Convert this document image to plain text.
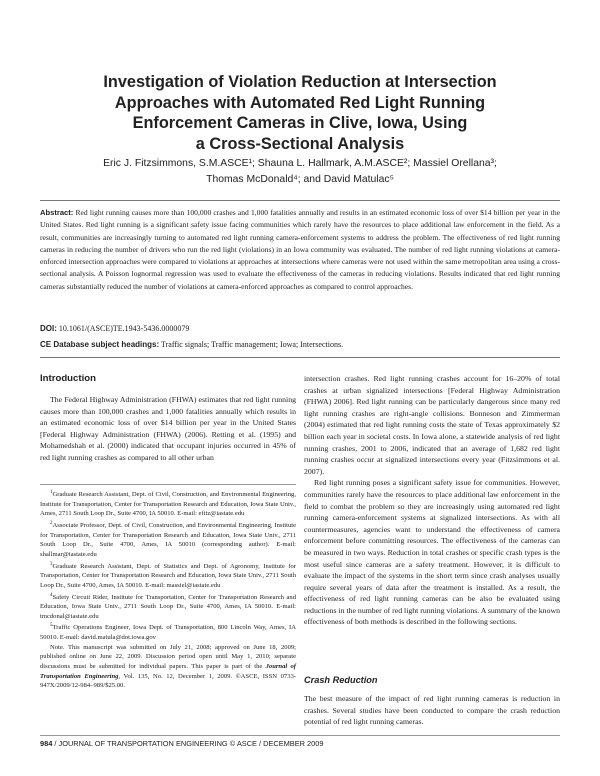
Investigation of Violation Reduction at Intersection
Approaches with Automated Red Light Running
Enforcement Cameras in Clive, Iowa, Using
a Cross-Sectional Analysis
Eric J. Fitzsimmons, S.M.ASCE¹; Shauna L. Hallmark, A.M.ASCE²; Massiel Orellana³;
Thomas McDonald⁴; and David Matulac⁵
Abstract: Red light running causes more than 100,000 crashes and 1,000 fatalities annually and results in an estimated economic loss of over $14 billion per year in the United States. Red light running is a significant safety issue facing communities which rarely have the resources to place additional law enforcement in the field. As a result, communities are increasingly turning to automated red light running camera-enforcement systems to address the problem. The effectiveness of red light running cameras in reducing the number of drivers who run the red light (violations) in an Iowa community was evaluated. The number of red light running violations at camera-enforced intersection approaches were compared to violations at approaches at intersections where cameras were not used within the same metropolitan area using a cross-sectional analysis. A Poisson lognormal regression was used to evaluate the effectiveness of the cameras in reducing violations. Results indicated that red light running cameras substantially reduced the number of violations at camera-enforced approaches as compared to control approaches.
DOI: 10.1061/(ASCE)TE.1943-5436.0000079
CE Database subject headings: Traffic signals; Traffic management; Iowa; Intersections.
Introduction

The Federal Highway Administration (FHWA) estimates that red light running causes more than 100,000 crashes and 1,000 fatalities annually which results in an estimated economic loss of over $14 billion per year in the United States [Federal Highway Administration (FHWA) (2006). Retting et al. (1995) and Mohamedshah et al. (2000) indicated that occupant injuries occurred in 45% of red light running crashes as compared to all other urban

$^1$Graduate Research Assistant, Dept. of Civil, Construction, and Environmental Engineering, Institute for Transportation, Center for Transportation Research and Education, Iowa State Univ., Ames, 2711 South Loop Dr., Suite 4700, IA 50010. E-mail: efitz@iastate.edu

$^2$Associate Professor, Dept. of Civil, Construction, and Environmental Engineering, Institute for Transportation, Center for Transportation Research and Education, Iowa State Univ., 2711 South Loop Dr., Suite 4700, Ames, IA 50010 (corresponding author). E-mail: shallmar@iastate.edu

$^3$Graduate Research Assistant, Dept. of Statistics and Dept. of Agronomy, Institute for Transportation, Center for Transportation Research and Education, Iowa State Univ., 2711 South Loop Dr., Suite 4700, Ames, IA 50010. E-mail: massiel@iastate.edu

$^4$Safety Circuit Rider, Institute for Transportation, Center for Transportation Research and Education, Iowa State Univ., 2711 South Loop Dr., Suite 4700, Ames, IA 50010. E-mail: tmcdonal@iastate.edu

$^5$Traffic Operations Engineer, Iowa Dept. of Transportation, 800 Lincoln Way, Ames, IA 50010. E-mail: david.matula@dot.iowa.gov

Note. This manuscript was submitted on July 21, 2008; approved on June 18, 2009; published online on June 22, 2009. Discussion period open until May 1, 2010; separate discussions must be submitted for individual papers. This paper is part of the Journal of Transportation Engineering, Vol. 135, No. 12, December 1, 2009. ©ASCE, ISSN 0733-947X/2009/12-984–989/$25.00.

intersection crashes. Red light running crashes account for 16–20% of total crashes at urban signalized intersections [Federal Highway Administration (FHWA) 2006]. Red light running can be particularly dangerous since many red light running crashes are right-angle collisions. Bonneson and Zimmerman (2004) estimated that red light running costs the state of Texas approximately $2 billion each year in societal costs. In Iowa alone, a statewide analysis of red light running crashes, 2001 to 2006, indicated that an average of 1,682 red light running crashes occur at signalized intersections every year (Fitzsimmons et al. 2007).

Red light running poses a significant safety issue for communities. However, communities rarely have the resources to place additional law enforcement in the field to combat the problem so they are increasingly using automated red light running camera-enforcement systems at signalized intersections. As with all countermeasures, agencies want to understand the effectiveness of camera enforcement before committing resources. The effectiveness of the cameras can be measured in two ways. Reduction in total crashes or specific crash types is the most useful since cameras are a safety treatment. However, it is difficult to evaluate the impact of the systems in the short term since crash analyses usually require several years of data after the treatment is installed. As a result, the effectiveness of red light running cameras can be also be evaluated using reductions in the number of red light running violations. A summary of the known effectiveness of both methods is described in the following sections.

Crash Reduction

The best measure of the impact of red light running cameras is reduction in crashes. Several studies have been conducted to compare the crash reduction potential of red light running cameras.

984 / JOURNAL OF TRANSPORTATION ENGINEERING © ASCE / DECEMBER 2009
